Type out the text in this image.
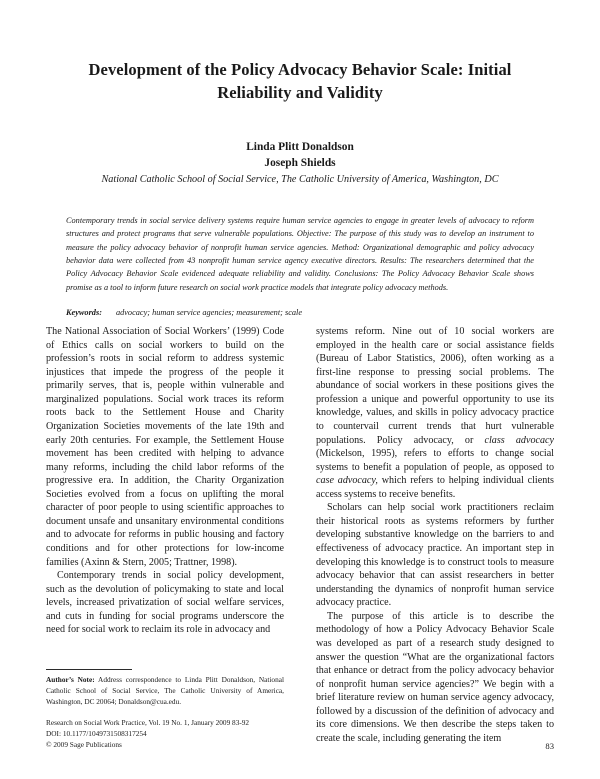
Development of the Policy Advocacy Behavior Scale: Initial Reliability and Validity
Linda Plitt Donaldson
Joseph Shields
National Catholic School of Social Service, The Catholic University of America, Washington, DC

Contemporary trends in social service delivery systems require human service agencies to engage in greater levels of advocacy to reform structures and protect programs that serve vulnerable populations. Objective: The purpose of this study was to develop an instrument to measure the policy advocacy behavior of nonprofit human service agencies. Method: Organizational demographic and policy advocacy behavior data were collected from 43 nonprofit human service agency executive directors. Results: The researchers determined that the Policy Advocacy Behavior Scale evidenced adequate reliability and validity. Conclusions: The Policy Advocacy Behavior Scale shows promise as a tool to inform future research on social work practice models that integrate policy advocacy methods.

Keywords: advocacy; human service agencies; measurement; scale

The National Association of Social Workers’ (1999) Code of Ethics calls on social workers to build on the profession’s roots in social reform to address systemic injustices that impede the progress of the people it primarily serves, that is, people within vulnerable and marginalized populations. Social work traces its reform roots back to the Settlement House and Charity Organization Societies movements of the late 19th and early 20th centuries. For example, the Settlement House movement has been credited with helping to advance many reforms, including the child labor reforms of the progressive era. In addition, the Charity Organization Societies evolved from a focus on uplifting the moral character of poor people to using scientific approaches to document unsafe and unsanitary environmental conditions and to advocate for reforms in public housing and factory conditions and for other protections for low-income families (Axinn & Stern, 2005; Trattner, 1998).

Contemporary trends in social policy development, such as the devolution of policymaking to state and local levels, increased privatization of social welfare services, and cuts in funding for social programs underscore the need for social work to reclaim its role in advocacy and

systems reform. Nine out of 10 social workers are employed in the health care or social assistance fields (Bureau of Labor Statistics, 2006), often working as a first-line response to pressing social problems. The abundance of social workers in these positions gives the profession a unique and powerful opportunity to use its knowledge, values, and skills in policy advocacy practice to countervail current trends that hurt vulnerable populations. Policy advocacy, or class advocacy (Mickelson, 1995), refers to efforts to change social systems to benefit a population of people, as opposed to case advocacy, which refers to helping individual clients access systems to receive benefits.

Scholars can help social work practitioners reclaim their historical roots as systems reformers by further developing substantive knowledge on the barriers to and effectiveness of advocacy practice. An important step in developing this knowledge is to construct tools to measure advocacy behavior that can assist researchers in better understanding the dynamics of nonprofit human service advocacy practice.

The purpose of this article is to describe the methodology of how a Policy Advocacy Behavior Scale was developed as part of a research study designed to answer the question “What are the organizational factors that enhance or detract from the policy advocacy behavior of nonprofit human service agencies?” We begin with a brief literature review on human service agency advocacy, followed by a discussion of the definition of advocacy and its core dimensions. We then describe the steps taken to create the scale, including generating the item

Author’s Note: Address correspondence to Linda Plitt Donaldson, National Catholic School of Social Service, The Catholic University of America, Washington, DC 20064; Donaldson@cua.edu.

Research on Social Work Practice, Vol. 19 No. 1, January 2009 83-92
DOI: 10.1177/1049731508317254
© 2009 Sage Publications	83
